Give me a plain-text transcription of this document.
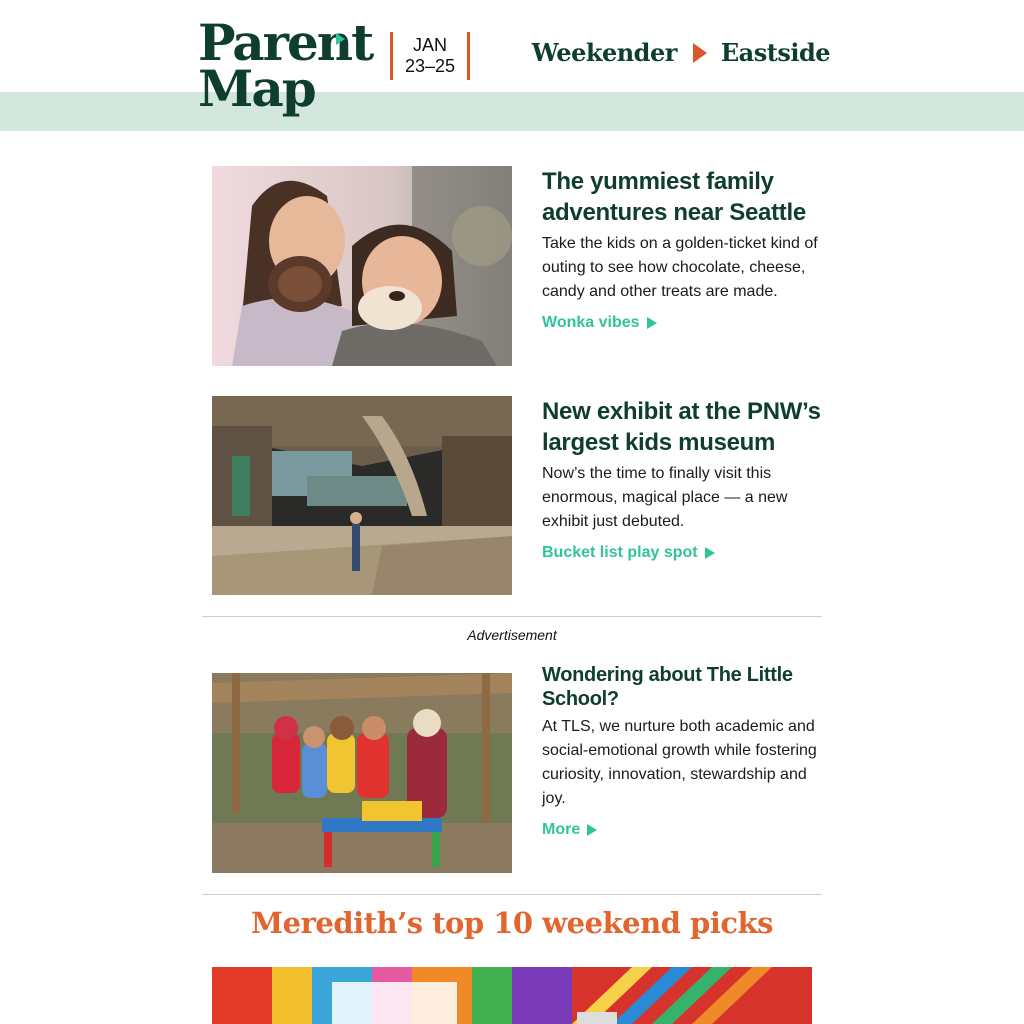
Parent
Map
JAN
23–25	Weekender Eastside
The yummiest family adventures near Seattle

Take the kids on a golden-ticket kind of outing to see how chocolate, cheese, candy and other treats are made.

Wonka vibes
New exhibit at the PNW’s largest kids museum

Now’s the time to finally visit this enormous, magical place — a new exhibit just debuted.

Bucket list play spot
Advertisement
Wondering about The Little School?

At TLS, we nurture both academic and social-emotional growth while fostering curiosity, innovation, stewardship and joy.

More
Meredith’s top 10 weekend picks
